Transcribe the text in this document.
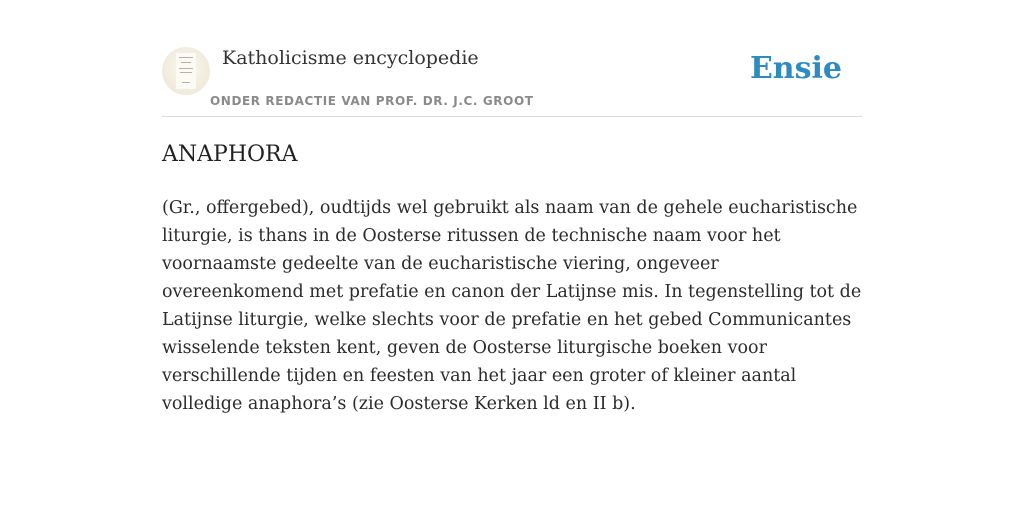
Katholicisme encyclopedie
ONDER REDACTIE VAN PROF. DR. J.C. GROOT
Ensie
ANAPHORA

(Gr., offergebed), oudtijds wel gebruikt als naam van de gehele eucharistische liturgie, is thans in de Oosterse ritussen de technische naam voor het voornaamste gedeelte van de eucharistische viering, ongeveer overeenkomend met prefatie en canon der Latijnse mis. In tegenstelling tot de Latijnse liturgie, welke slechts voor de prefatie en het gebed Communicantes wisselende teksten kent, geven de Oosterse liturgische boeken voor verschillende tijden en feesten van het jaar een groter of kleiner aantal volledige anaphora’s (zie Oosterse Kerken ld en II b).
